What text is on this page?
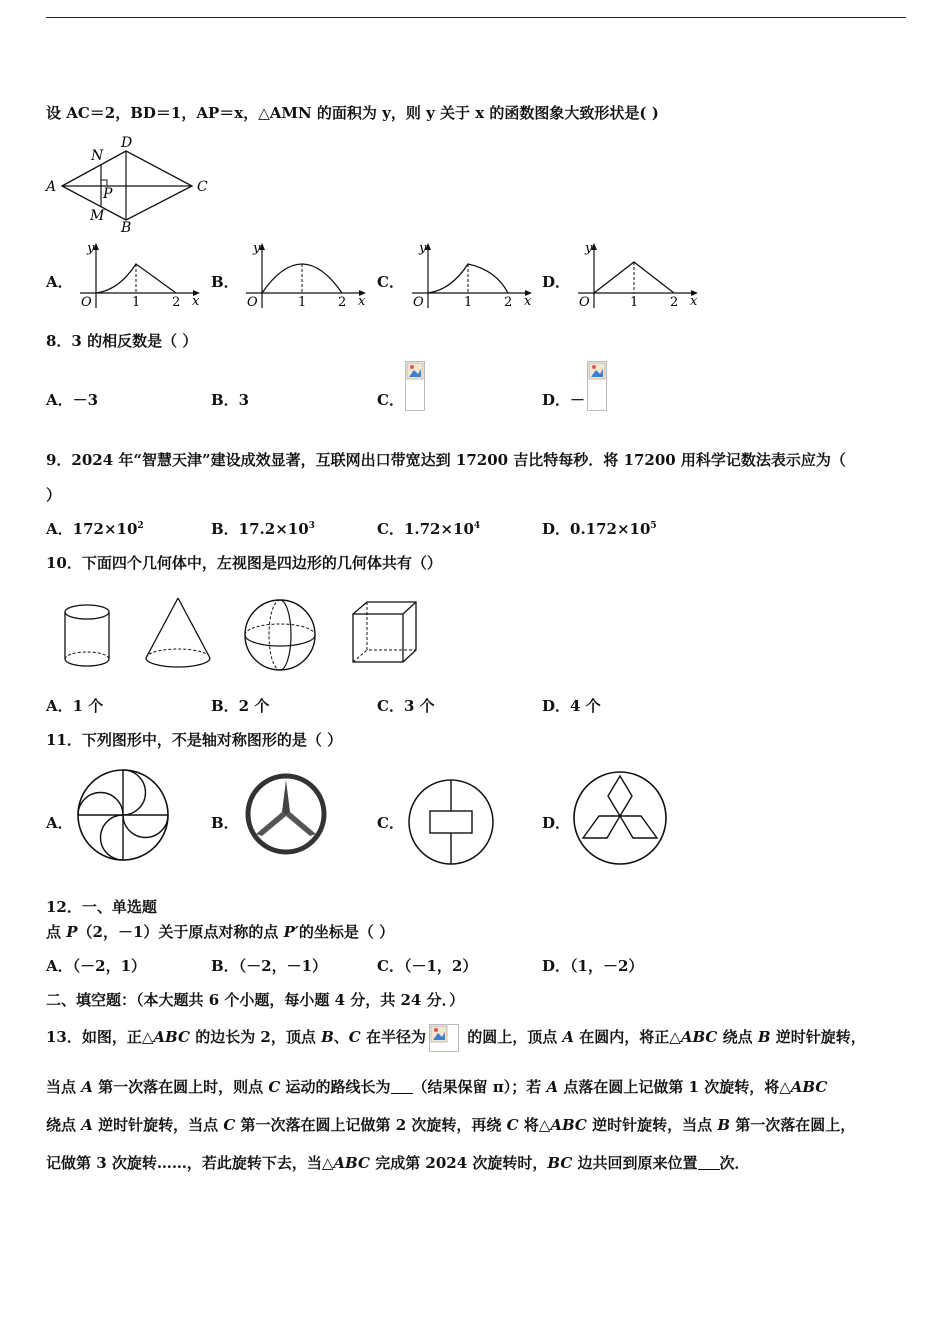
设 AC＝2，BD＝1，AP＝x，△AMN 的面积为 y，则 y 关于 x 的函数图象大致形状是( )
A
D
C
B
N
M
P
A．
y
O	1 2 x
B．
y
O	1 2 x
C．
y
O	1 2 x
D．
y
O	1 2 x
8．3 的相反数是（ ）
A．－3	B．3	C．	D．－
9．2024 年“智慧天津”建设成效显著，互联网出口带宽达到 17200 吉比特每秒．将 17200 用科学记数法表示应为（
）
A．$172\times 10^2$	B．$17.2\times 10^3$	C．$1.72\times 10^4$	D．$0.172\times 10^5$
10．下面四个几何体中，左视图是四边形的几何体共有（）
A．1 个	B．2 个	C．3 个	D．4 个
11．下列图形中，不是轴对称图形的是（ ）
A．	B．	C．	D．
12．一、单选题
点 P（2，－1）关于原点对称的点 P′的坐标是（ ）
A．（－2，1）	B．（－2，－1）	C．（－1，2）	D．（1，－2）
二、填空题：（本大题共 6 个小题，每小题 4 分，共 24 分．）
13．如图，正△ABC 的边长为 2，顶点 B、C 在半径为
的圆上，顶点 A 在圆内，将正△ABC 绕点 B 逆时针旋转，
当点 A 第一次落在圆上时，则点 C 运动的路线长为 （结果保留 π）；若 A 点落在圆上记做第 1 次旋转，将△ABC
绕点 A 逆时针旋转，当点 C 第一次落在圆上记做第 2 次旋转，再绕 C 将△ABC 逆时针旋转，当点 B 第一次落在圆上，
记做第 3 次旋转……，若此旋转下去，当△ABC 完成第 2024 次旋转时，BC 边共回到原来位置 次．
